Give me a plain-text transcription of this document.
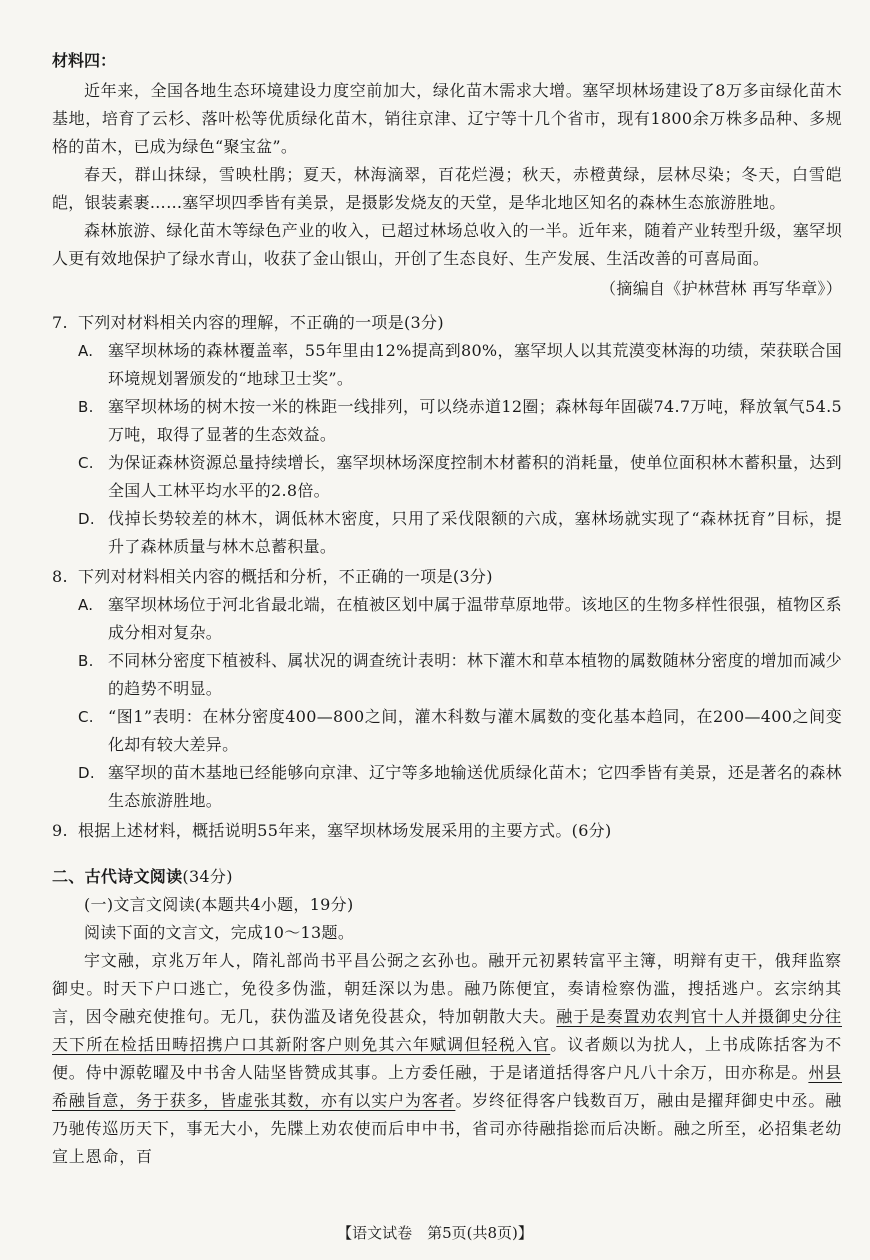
材料四：

近年来，全国各地生态环境建设力度空前加大，绿化苗木需求大增。塞罕坝林场建设了8万多亩绿化苗木基地，培育了云杉、落叶松等优质绿化苗木，销往京津、辽宁等十几个省市，现有1800余万株多品种、多规格的苗木，已成为绿色“聚宝盆”。

春天，群山抹绿，雪映杜鹃；夏天，林海滴翠，百花烂漫；秋天，赤橙黄绿，层林尽染；冬天，白雪皑皑，银装素裹……塞罕坝四季皆有美景，是摄影发烧友的天堂，是华北地区知名的森林生态旅游胜地。

森林旅游、绿化苗木等绿色产业的收入，已超过林场总收入的一半。近年来，随着产业转型升级，塞罕坝人更有效地保护了绿水青山，收获了金山银山，开创了生态良好、生产发展、生活改善的可喜局面。

（摘编自《护林营林 再写华章》）

7. 下列对材料相关内容的理解，不正确的一项是(3分)

A. 塞罕坝林场的森林覆盖率，55年里由12%提高到80%，塞罕坝人以其荒漠变林海的功绩，荣获联合国环境规划署颁发的“地球卫士奖”。

B. 塞罕坝林场的树木按一米的株距一线排列，可以绕赤道12圈；森林每年固碳74.7万吨，释放氧气54.5万吨，取得了显著的生态效益。

C. 为保证森林资源总量持续增长，塞罕坝林场深度控制木材蓄积的消耗量，使单位面积林木蓄积量，达到全国人工林平均水平的2.8倍。

D. 伐掉长势较差的林木，调低林木密度，只用了采伐限额的六成，塞林场就实现了“森林抚育”目标，提升了森林质量与林木总蓄积量。

8. 下列对材料相关内容的概括和分析，不正确的一项是(3分)

A. 塞罕坝林场位于河北省最北端，在植被区划中属于温带草原地带。该地区的生物多样性很强，植物区系成分相对复杂。

B. 不同林分密度下植被科、属状况的调查统计表明：林下灌木和草本植物的属数随林分密度的增加而减少的趋势不明显。

C. “图1”表明：在林分密度400—800之间，灌木科数与灌木属数的变化基本趋同，在200—400之间变化却有较大差异。

D. 塞罕坝的苗木基地已经能够向京津、辽宁等多地输送优质绿化苗木；它四季皆有美景，还是著名的森林生态旅游胜地。

9. 根据上述材料，概括说明55年来，塞罕坝林场发展采用的主要方式。(6分)

二、古代诗文阅读(34分)

(一)文言文阅读(本题共4小题，19分)

阅读下面的文言文，完成10～13题。

宇文融，京兆万年人，隋礼部尚书平昌公弼之玄孙也。融开元初累转富平主簿，明辩有吏干，俄拜监察御史。时天下户口逃亡，免役多伪滥，朝廷深以为患。融乃陈便宜，奏请检察伪滥，搜括逃户。玄宗纳其言，因令融充使推句。无几，获伪滥及诸免役甚众，特加朝散大夫。融于是奏置劝农判官十人并摄御史分往天下所在检括田畴招携户口其新附客户则免其六年赋调但轻税入官。议者颇以为扰人，上书成陈括客为不便。侍中源乾曜及中书舍人陆坚皆赞成其事。上方委任融，于是诸道括得客户凡八十余万，田亦称是。州县希融旨意，务于获多，皆虚张其数，亦有以实户为客者。岁终征得客户钱数百万，融由是擢拜御史中丞。融乃驰传巡历天下，事无大小，先牒上劝农使而后申中书，省司亦待融指捴而后决断。融之所至，必招集老幼宣上恩命，百

【语文试卷　第5页(共8页)】
